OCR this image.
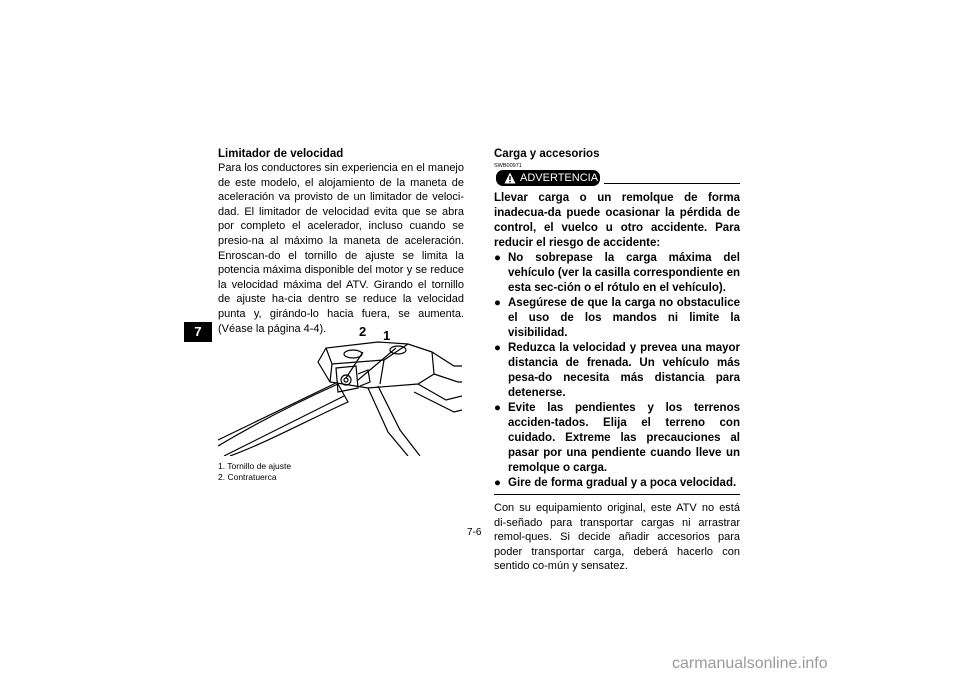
7
Limitador de velocidad
Para los conductores sin experiencia en el manejo de este modelo, el alojamiento de la maneta de aceleración va provisto de un limitador de veloci-dad. El limitador de velocidad evita que se abra por completo el acelerador, incluso cuando se presio-na al máximo la maneta de aceleración. Enroscan-do el tornillo de ajuste se limita la potencia máxima disponible del motor y se reduce la velocidad máxima del ATV. Girando el tornillo de ajuste ha-cia dentro se reduce la velocidad punta y, girándo-lo hacia fuera, se aumenta. (Véase la página 4-4).	2 1
1. Tornillo de ajuste
2. Contratuerca
Carga y accesorios
SWB00971
ADVERTENCIA
Llevar carga o un remolque de forma inadecua-da puede ocasionar la pérdida de control, el vuelco u otro accidente. Para reducir el riesgo de accidente:
● No sobrepase la carga máxima del vehículo (ver la casilla correspondiente en esta sec-ción o el rótulo en el vehículo).
● Asegúrese de que la carga no obstaculice el uso de los mandos ni limite la visibilidad.
● Reduzca la velocidad y prevea una mayor distancia de frenada. Un vehículo más pesa-do necesita más distancia para detenerse.
● Evite las pendientes y los terrenos acciden-tados. Elija el terreno con cuidado. Extreme las precauciones al pasar por una pendiente cuando lleve un remolque o carga.
● Gire de forma gradual y a poca velocidad.
Con su equipamiento original, este ATV no está di-señado para transportar cargas ni arrastrar remol-ques. Si decide añadir accesorios para poder transportar carga, deberá hacerlo con sentido co-mún y sensatez.
7-6
carmanualsonline.info
